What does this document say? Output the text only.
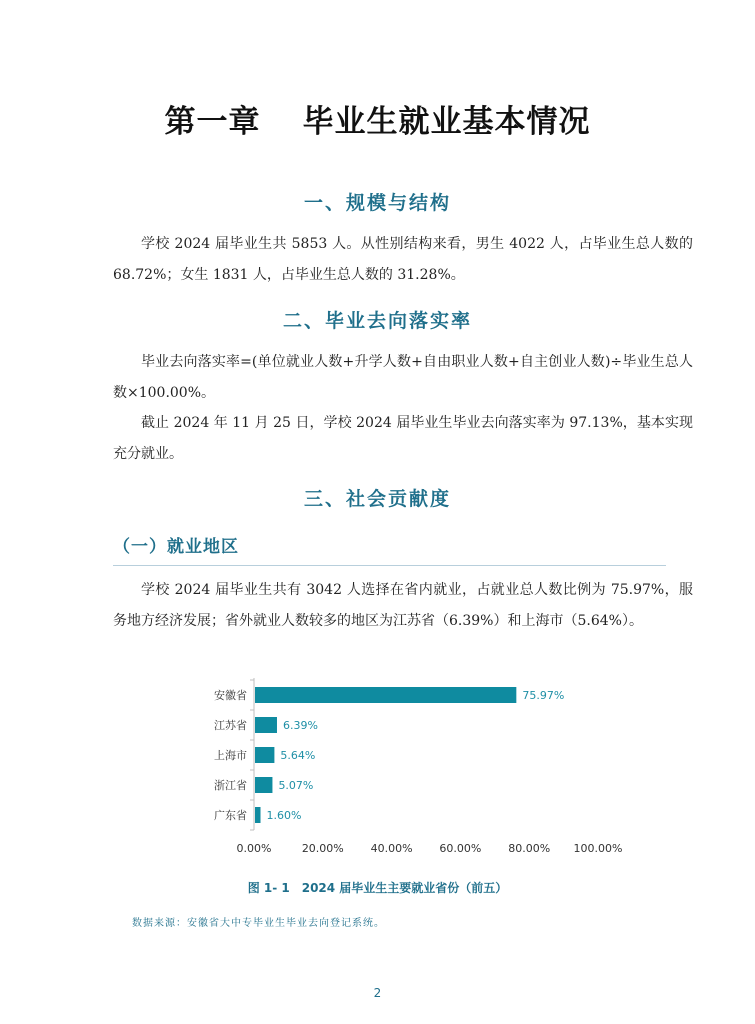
第一章 毕业生就业基本情况
一、规模与结构

学校 2024 届毕业生共 5853 人。从性别结构来看，男生 4022 人，占毕业生总人数的 68.72%；女生 1831 人，占毕业生总人数的 31.28%。

二、毕业去向落实率

毕业去向落实率=(单位就业人数+升学人数+自由职业人数+自主创业人数)÷毕业生总人数×100.00%。

截止 2024 年 11 月 25 日，学校 2024 届毕业生毕业去向落实率为 97.13%，基本实现充分就业。

三、社会贡献度
（一）就业地区

学校 2024 届毕业生共有 3042 人选择在省内就业，占就业总人数比例为 75.97%，服务地方经济发展；省外就业人数较多的地区为江苏省（6.39%）和上海市（5.64%）。

安徽省	75.97%
江苏省	6.39%
上海市	5.64%
浙江省	5.07%
广东省 1.60%
0.00%	20.00% 40.00% 60.00% 80.00% 100.00%
图 1- 1　2024 届毕业生主要就业省份（前五）
数据来源：安徽省大中专毕业生毕业去向登记系统。
2
